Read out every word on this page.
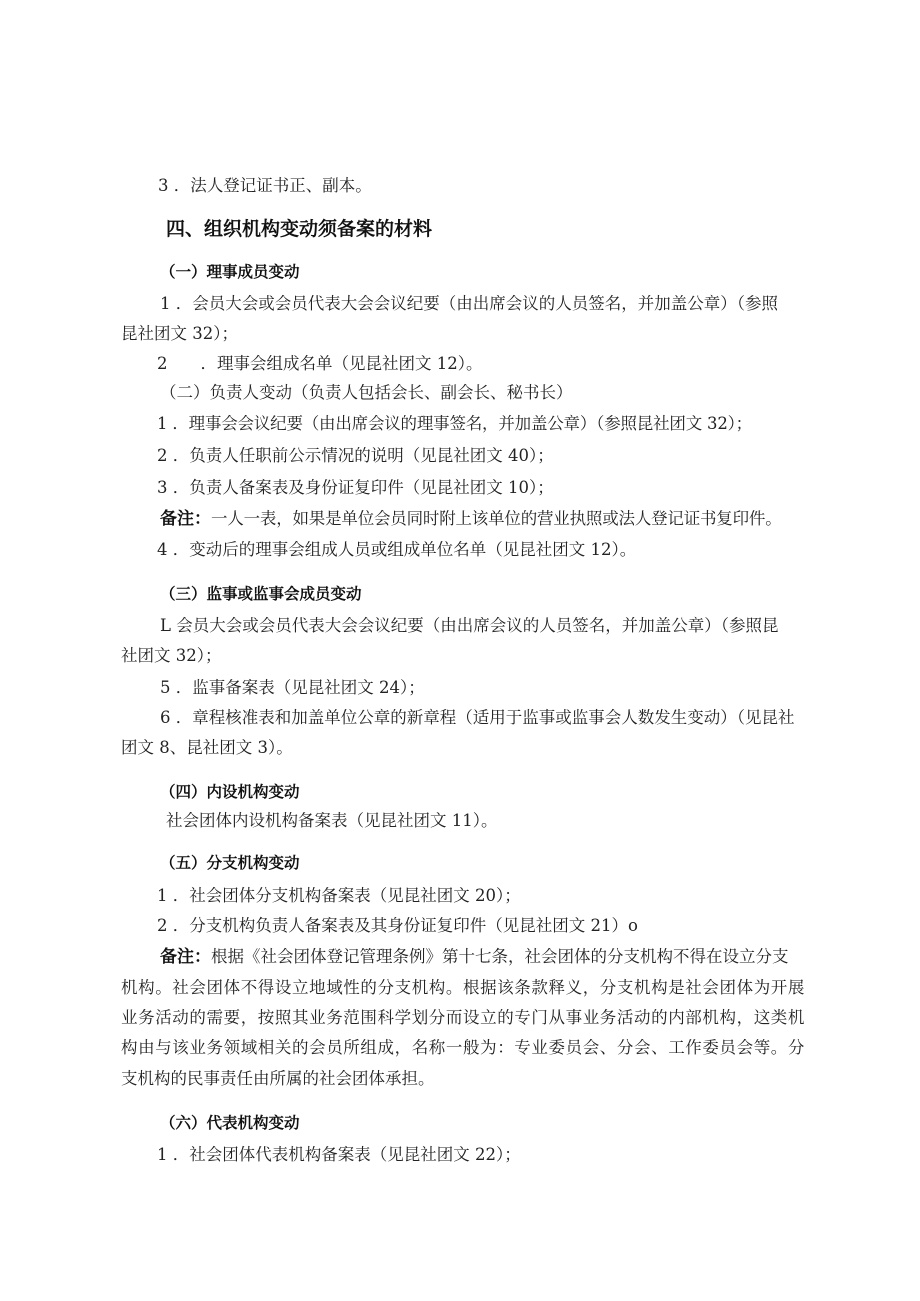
3 ．法人登记证书正、副本。
四、组织机构变动须备案的材料
（一）理事成员变动
1 ．会员大会或会员代表大会会议纪要（由出席会议的人员签名，并加盖公章）（参照
昆社团文 32）；
2　　．理事会组成名单（见昆社团文 12）。
（二）负责人变动（负责人包括会长、副会长、秘书长）
1 ．理事会会议纪要（由出席会议的理事签名，并加盖公章）（参照昆社团文 32）；
2 ．负责人任职前公示情况的说明（见昆社团文 40）；
3 ．负责人备案表及身份证复印件（见昆社团文 10）；
备注：一人一表，如果是单位会员同时附上该单位的营业执照或法人登记证书复印件。
4 ．变动后的理事会组成人员或组成单位名单（见昆社团文 12）。
（三）监事或监事会成员变动
L 会员大会或会员代表大会会议纪要（由出席会议的人员签名，并加盖公章）（参照昆
社团文 32）；
5 ．监事备案表（见昆社团文 24）；
6 ．章程核准表和加盖单位公章的新章程（适用于监事或监事会人数发生变动）（见昆社
团文 8、昆社团文 3）。
（四）内设机构变动
社会团体内设机构备案表（见昆社团文 11）。
（五）分支机构变动
1 ．社会团体分支机构备案表（见昆社团文 20）；
2 ．分支机构负责人备案表及其身份证复印件（见昆社团文 21）o
备注：根据《社会团体登记管理条例》第十七条，社会团体的分支机构不得在设立分支
机构。社会团体不得设立地域性的分支机构。根据该条款释义，分支机构是社会团体为开展
业务活动的需要，按照其业务范围科学划分而设立的专门从事业务活动的内部机构，这类机
构由与该业务领域相关的会员所组成，名称一般为：专业委员会、分会、工作委员会等。分
支机构的民事责任由所属的社会团体承担。
（六）代表机构变动
1 ．社会团体代表机构备案表（见昆社团文 22）；
